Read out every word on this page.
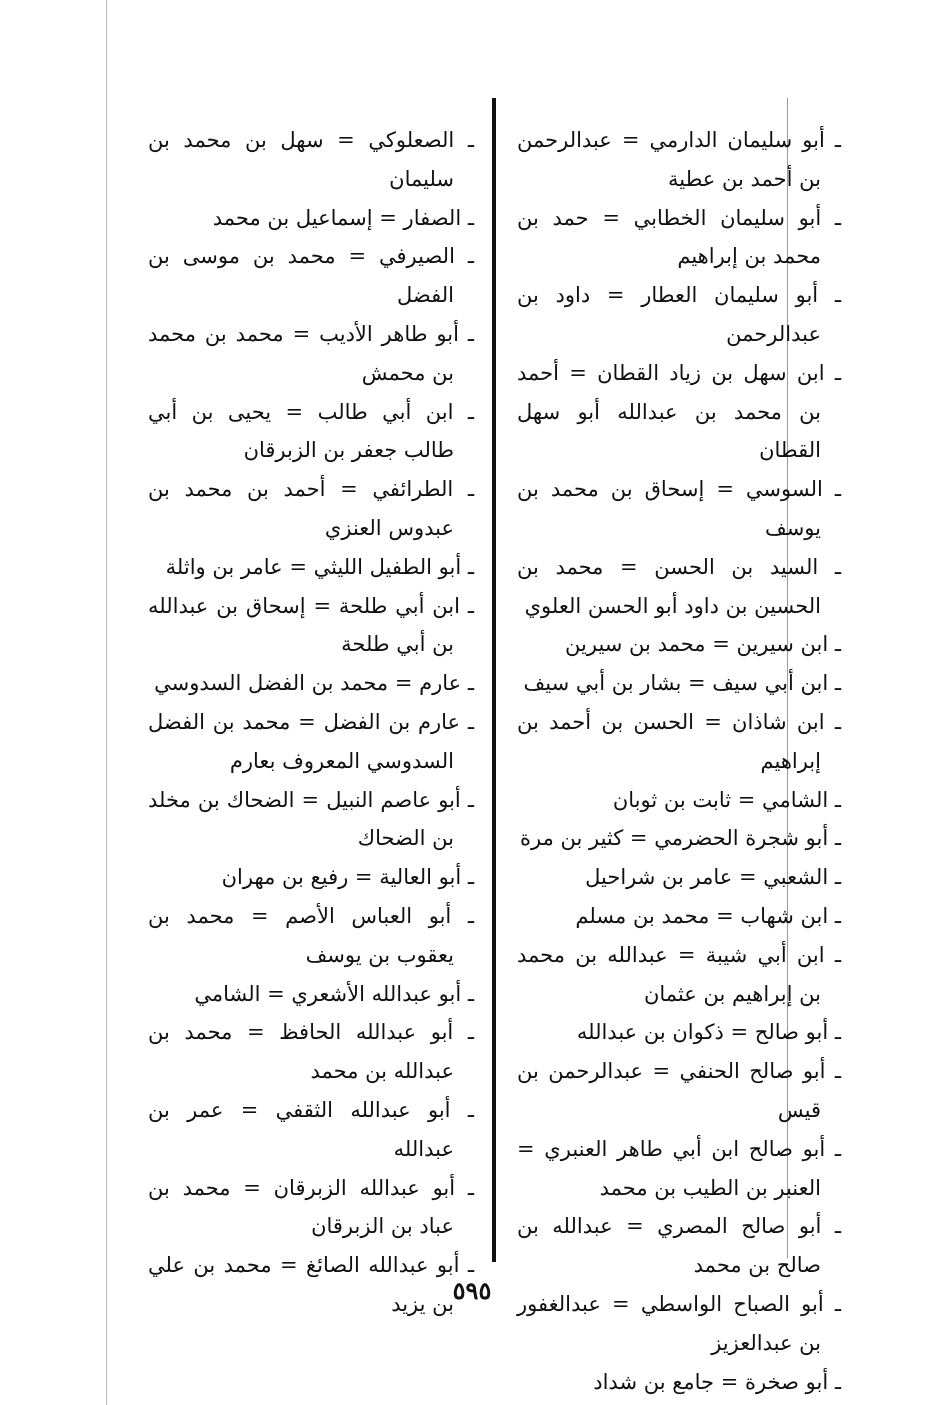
ـ أبو سليمان الدارمي = عبدالرحمن بن أحمد بن عطية

ـ أبو سليمان الخطابي = حمد بن محمد بن إبراهيم

ـ أبو سليمان العطار = داود بن عبدالرحمن

ـ ابن سهل بن زياد القطان = أحمد بن محمد بن عبدالله أبو سهل القطان

ـ السوسي = إسحاق بن محمد بن يوسف

ـ السيد بن الحسن = محمد بن الحسين بن داود أبو الحسن العلوي

ـ ابن سيرين = محمد بن سيرين

ـ ابن أبي سيف = بشار بن أبي سيف

ـ ابن شاذان = الحسن بن أحمد بن إبراهيم

ـ الشامي = ثابت بن ثوبان

ـ أبو شجرة الحضرمي = كثير بن مرة

ـ الشعبي = عامر بن شراحيل

ـ ابن شهاب = محمد بن مسلم

ـ ابن أبي شيبة = عبدالله بن محمد بن إبراهيم بن عثمان

ـ أبو صالح = ذكوان بن عبدالله

ـ أبو صالح الحنفي = عبدالرحمن بن قيس

ـ أبو صالح ابن أبي طاهر العنبري = العنبر بن الطيب بن محمد

ـ أبو صالح المصري = عبدالله بن صالح بن محمد

ـ أبو الصباح الواسطي = عبدالغفور بن عبدالعزيز

ـ أبو صخرة = جامع بن شداد

ـ الصعلوكي = سهل بن محمد بن سليمان

ـ الصفار = إسماعيل بن محمد

ـ الصيرفي = محمد بن موسى بن الفضل

ـ أبو طاهر الأديب = محمد بن محمد بن محمش

ـ ابن أبي طالب = يحيى بن أبي طالب جعفر بن الزبرقان

ـ الطرائفي = أحمد بن محمد بن عبدوس العنزي

ـ أبو الطفيل الليثي = عامر بن واثلة

ـ ابن أبي طلحة = إسحاق بن عبدالله بن أبي طلحة

ـ عارم = محمد بن الفضل السدوسي

ـ عارم بن الفضل = محمد بن الفضل السدوسي المعروف بعارم

ـ أبو عاصم النبيل = الضحاك بن مخلد بن الضحاك

ـ أبو العالية = رفيع بن مهران

ـ أبو العباس الأصم = محمد بن يعقوب بن يوسف

ـ أبو عبدالله الأشعري = الشامي

ـ أبو عبدالله الحافظ = محمد بن عبدالله بن محمد

ـ أبو عبدالله الثقفي = عمر بن عبدالله

ـ أبو عبدالله الزبرقان = محمد بن عباد بن الزبرقان

ـ أبو عبدالله الصائغ = محمد بن علي بن يزيد

٥٩٥
